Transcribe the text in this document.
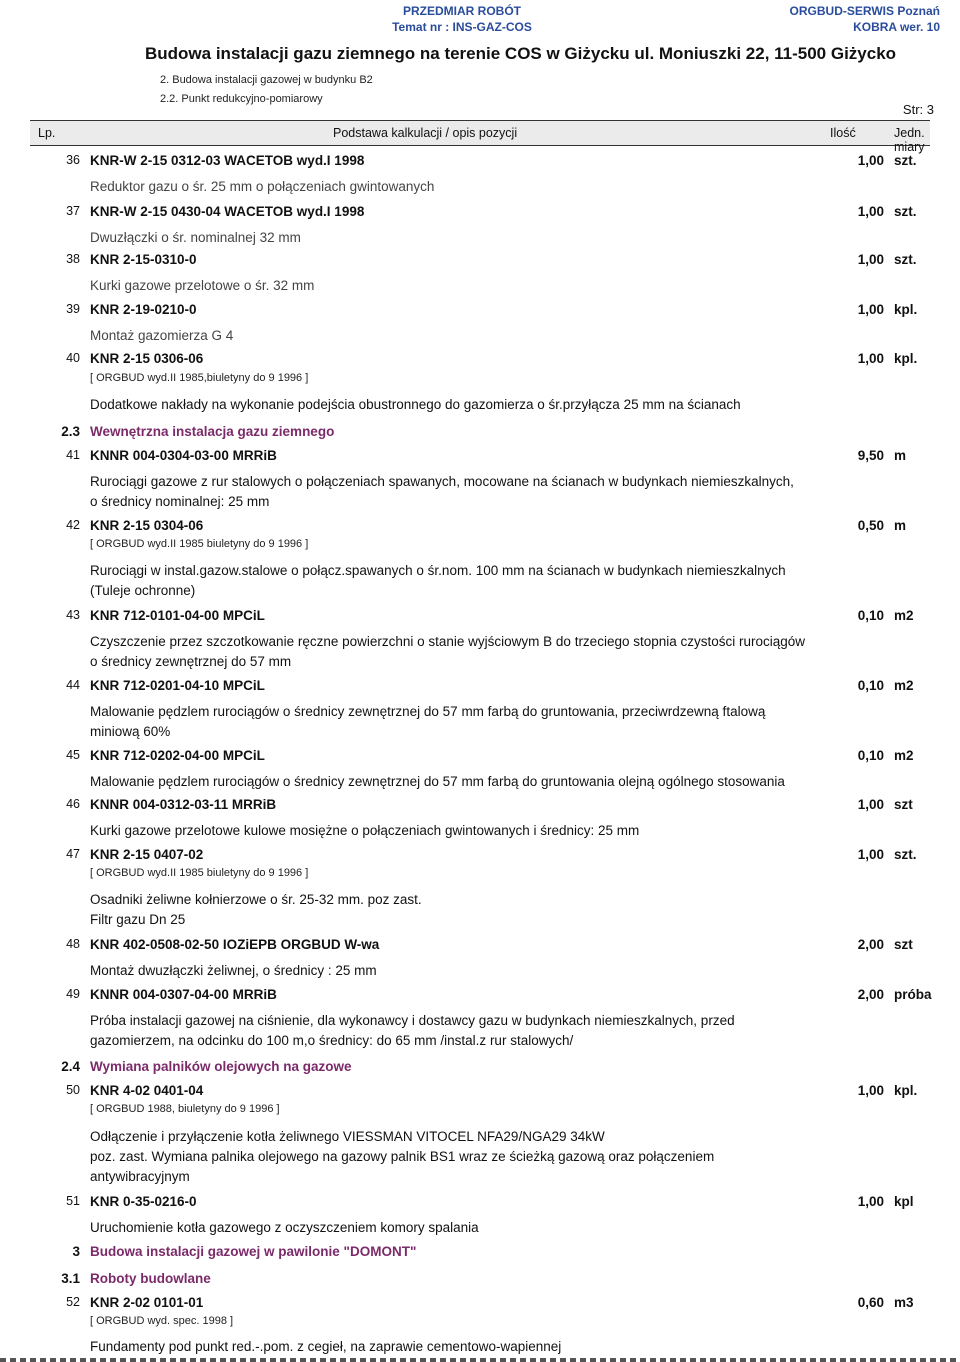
PRZEDMIAR ROBÓT
Temat nr : INS-GAZ-COS
ORGBUD-SERWIS Poznań
KOBRA wer. 10
Budowa instalacji gazu ziemnego na terenie COS w Giżycku ul. Moniuszki 22, 11-500 Giżycko
2. Budowa instalacji gazowej w budynku B2
2.2. Punkt redukcyjno-pomiarowy
Str: 3
Lp.	Podstawa kalkulacji / opis pozycji	Ilość	Jedn. miary
36 KNR-W 2-15 0312-03 WACETOB wyd.I 1998	1,00 szt.
Reduktor gazu o śr. 25 mm o połączeniach gwintowanych
37 KNR-W 2-15 0430-04 WACETOB wyd.I 1998	1,00 szt.
Dwuzłączki o śr. nominalnej 32 mm
38 KNR 2-15-0310-0	1,00 szt.
Kurki gazowe przelotowe o śr. 32 mm
39 KNR 2-19-0210-0	1,00 kpl.
Montaż gazomierza G 4
40 KNR 2-15 0306-06	1,00 kpl.
[ ORGBUD wyd.II 1985,biuletyny do 9 1996 ]
Dodatkowe nakłady na wykonanie podejścia obustronnego do gazomierza o śr.przyłącza 25 mm na ścianach
2.3 Wewnętrzna instalacja gazu ziemnego
41 KNNR 004-0304-03-00 MRRiB	9,50 m
Rurociągi gazowe z rur stalowych o połączeniach spawanych, mocowane na ścianach w budynkach niemieszkalnych,
o średnicy nominalnej: 25 mm
42 KNR 2-15 0304-06	0,50 m
[ ORGBUD wyd.II 1985 biuletyny do 9 1996 ]
Rurociągi w instal.gazow.stalowe o połącz.spawanych o śr.nom. 100 mm na ścianach w budynkach niemieszkalnych
(Tuleje ochronne)
43 KNR 712-0101-04-00 MPCiL	0,10 m2
Czyszczenie przez szczotkowanie ręczne powierzchni o stanie wyjściowym B do trzeciego stopnia czystości rurociągów
o średnicy zewnętrznej do 57 mm
44 KNR 712-0201-04-10 MPCiL	0,10 m2
Malowanie pędzlem rurociągów o średnicy zewnętrznej do 57 mm farbą do gruntowania, przeciwrdzewną ftalową
miniową 60%
45 KNR 712-0202-04-00 MPCiL	0,10 m2
Malowanie pędzlem rurociągów o średnicy zewnętrznej do 57 mm farbą do gruntowania olejną ogólnego stosowania
46 KNNR 004-0312-03-11 MRRiB	1,00 szt
Kurki gazowe przelotowe kulowe mosiężne o połączeniach gwintowanych i średnicy: 25 mm
47 KNR 2-15 0407-02	1,00 szt.
[ ORGBUD wyd.II 1985 biuletyny do 9 1996 ]
Osadniki żeliwne kołnierzowe o śr. 25-32 mm. poz zast.
Filtr gazu Dn 25
48 KNR 402-0508-02-50 IOZiEPB ORGBUD W-wa	2,00 szt
Montaż dwuzłączki żeliwnej, o średnicy : 25 mm
49 KNNR 004-0307-04-00 MRRiB	2,00 próba
Próba instalacji gazowej na ciśnienie, dla wykonawcy i dostawcy gazu w budynkach niemieszkalnych, przed
gazomierzem, na odcinku do 100 m,o średnicy: do 65 mm /instal.z rur stalowych/
2.4 Wymiana palników olejowych na gazowe
50 KNR 4-02 0401-04	1,00 kpl.
[ ORGBUD 1988, biuletyny do 9 1996 ]
Odłączenie i przyłączenie kotła żeliwnego VIESSMAN VITOCEL NFA29/NGA29 34kW
poz. zast. Wymiana palnika olejowego na gazowy palnik BS1 wraz ze ścieżką gazową oraz połączeniem
antywibracyjnym
51 KNR 0-35-0216-0	1,00 kpl
Uruchomienie kotła gazowego z oczyszczeniem komory spalania
3 Budowa instalacji gazowej w pawilonie "DOMONT"
3.1 Roboty budowlane
52 KNR 2-02 0101-01	0,60 m3
[ ORGBUD wyd. spec. 1998 ]
Fundamenty pod punkt red.-.pom. z cegieł, na zaprawie cementowo-wapiennej
